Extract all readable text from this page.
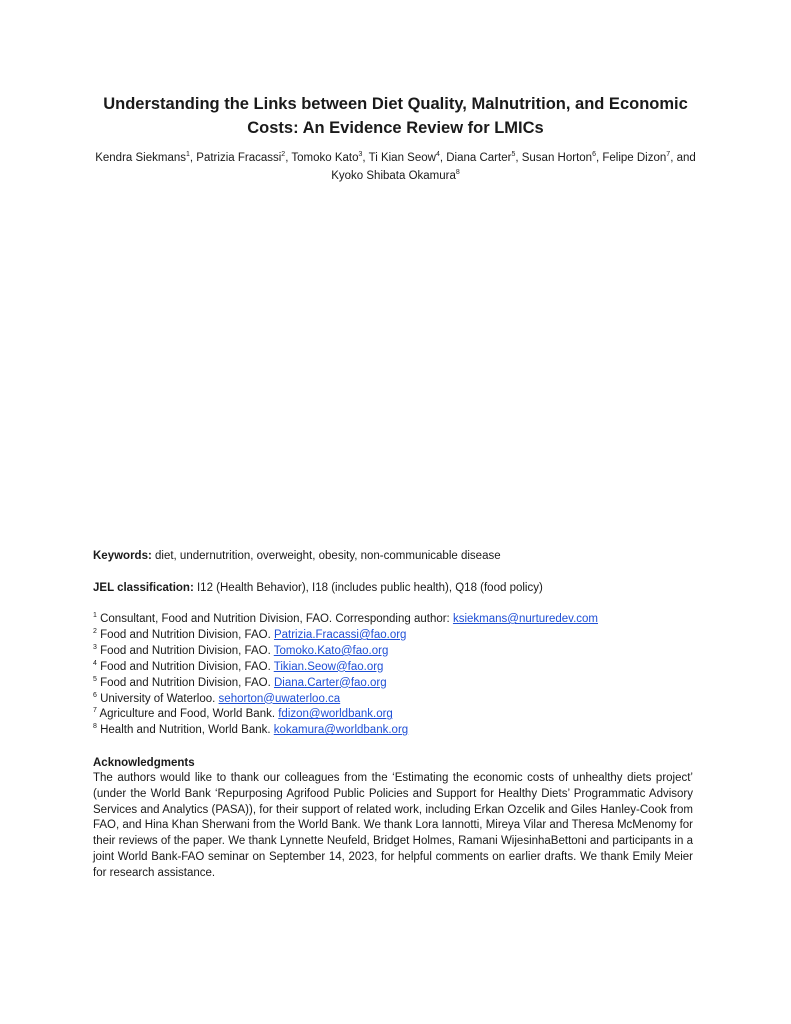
Understanding the Links between Diet Quality, Malnutrition, and Economic
Costs: An Evidence Review for LMICs

Kendra Siekmans$^1$, Patrizia Fracassi$^2$, Tomoko Kato$^3$, Ti Kian Seow$^4$, Diana Carter$^5$, Susan Horton$^6$, Felipe Dizon$^7$, and
Kyoko Shibata Okamura$^8$

Keywords: diet, undernutrition, overweight, obesity, non-communicable disease

JEL classification: I12 (Health Behavior), I18 (includes public health), Q18 (food policy)

$^1$ Consultant, Food and Nutrition Division, FAO. Corresponding author: ksiekmans@nurturedev.com
$^2$ Food and Nutrition Division, FAO. Patrizia.Fracassi@fao.org
$^3$ Food and Nutrition Division, FAO. Tomoko.Kato@fao.org
$^4$ Food and Nutrition Division, FAO. Tikian.Seow@fao.org
$^5$ Food and Nutrition Division, FAO. Diana.Carter@fao.org
$^6$ University of Waterloo. sehorton@uwaterloo.ca
$^7$ Agriculture and Food, World Bank. fdizon@worldbank.org
$^8$ Health and Nutrition, World Bank. kokamura@worldbank.org

Acknowledgments

The authors would like to thank our colleagues from the ‘Estimating the economic costs of unhealthy diets project’ (under the World Bank ‘Repurposing Agrifood Public Policies and Support for Healthy Diets’ Programmatic Advisory Services and Analytics (PASA)), for their support of related work, including Erkan Ozcelik and Giles Hanley-Cook from FAO, and Hina Khan Sherwani from the World Bank. We thank Lora Iannotti, Mireya Vilar and Theresa McMenomy for their reviews of the paper. We thank Lynnette Neufeld, Bridget Holmes, Ramani WijesinhaBettoni and participants in a joint World Bank-FAO seminar on September 14, 2023, for helpful comments on earlier drafts. We thank Emily Meier for research assistance.
